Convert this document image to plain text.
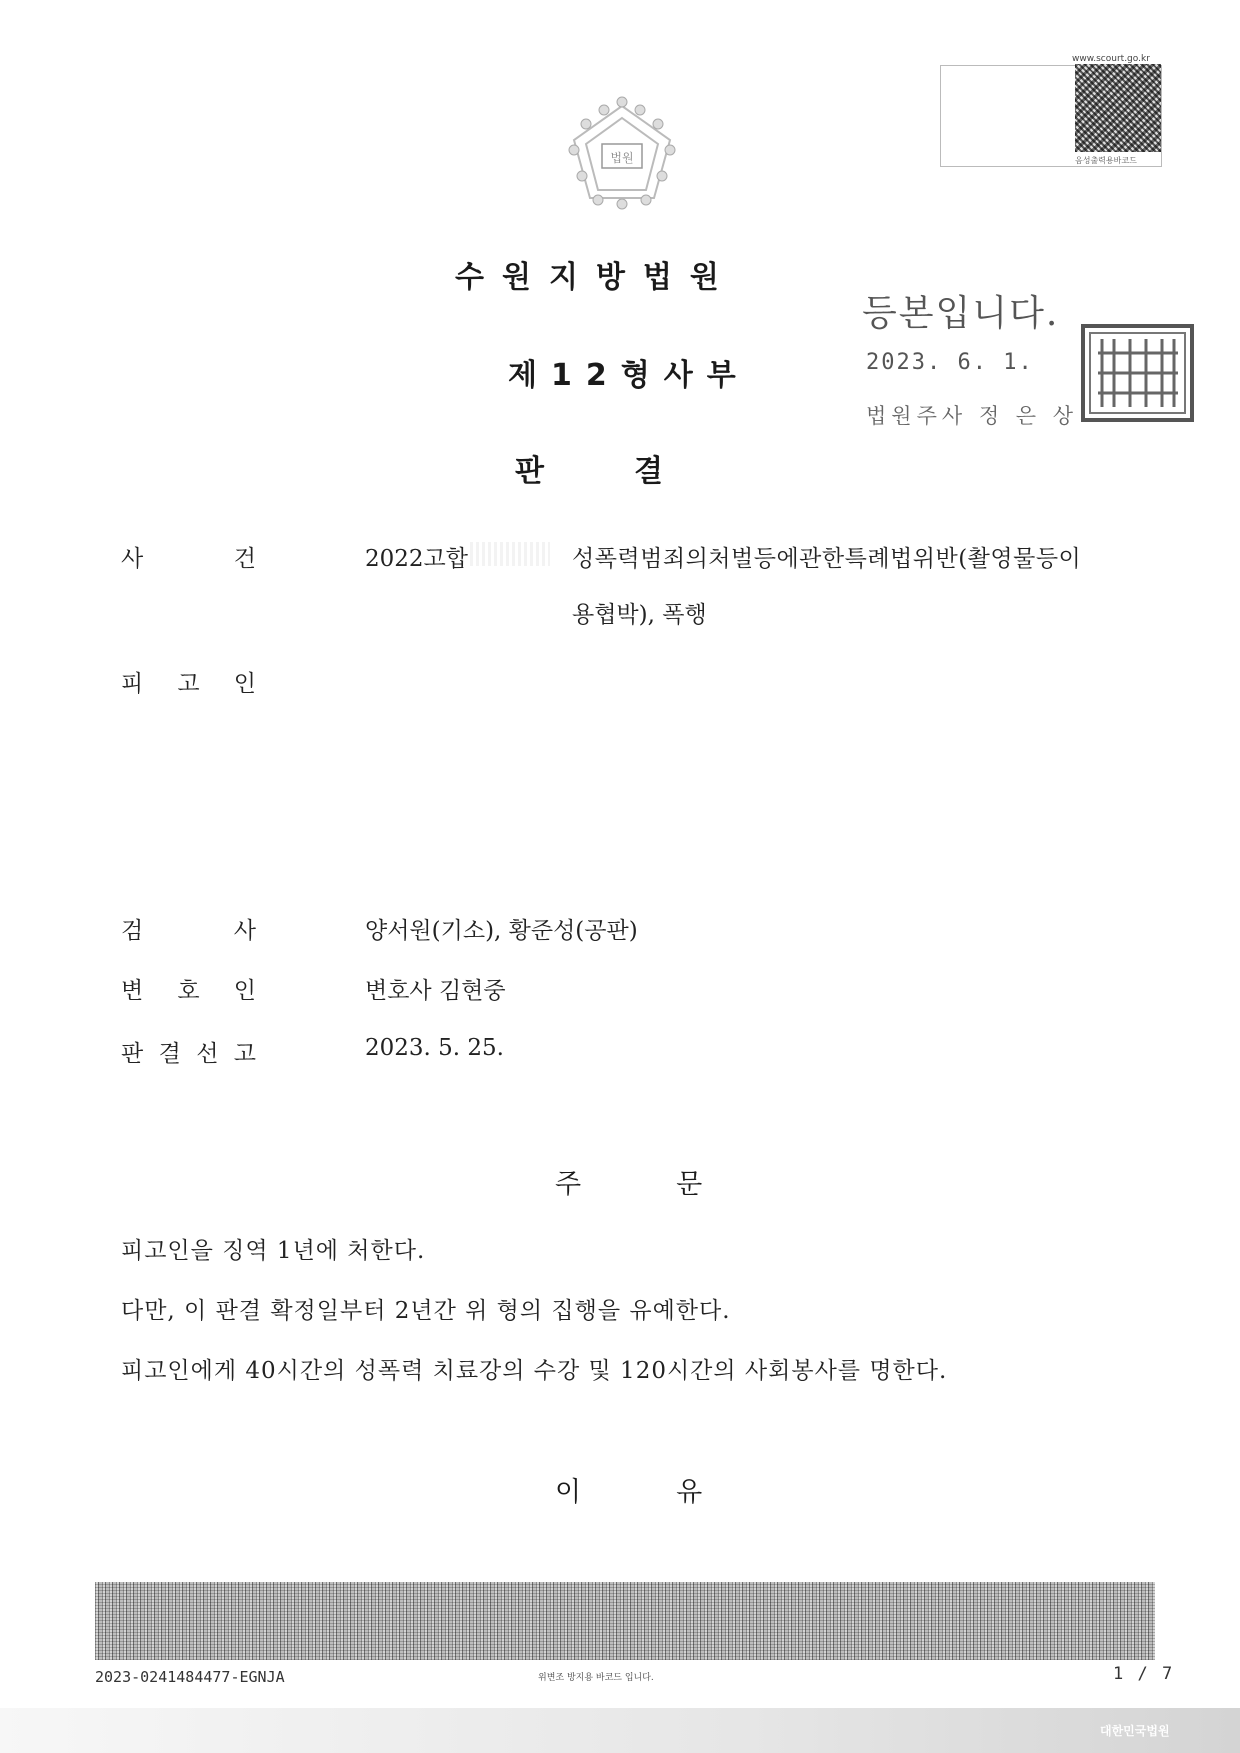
www.scourt.go.kr
음성출력용바코드
법원
수원지방법원
제12형사부
판결
등본입니다.
2023. 6. 1.
법원주사 정 은 상
사	건	2022고합	성폭력범죄의처벌등에관한특례법위반(촬영물등이
용협박), 폭행
피 고 인
검	사	양서원(기소), 황준성(공판)
변 호 인	변호사 김현중
판 결 선 고	2023. 5. 25.
주문
피고인을 징역 1년에 처한다.
다만, 이 판결 확정일부터 2년간 위 형의 집행을 유예한다.
피고인에게 40시간의 성폭력 치료강의 수강 및 120시간의 사회봉사를 명한다.
이유
2023-0241484477-EGNJA	위변조 방지용 바코드 입니다.	1 / 7
대한민국법원
